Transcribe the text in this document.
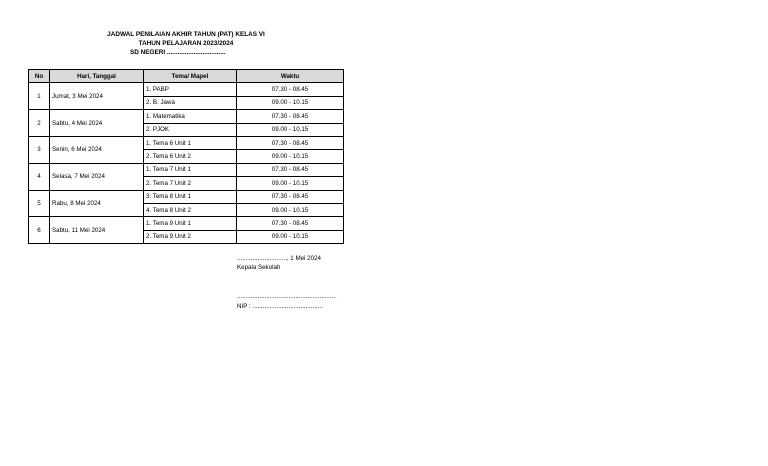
JADWAL PENILAIAN AKHIR TAHUN (PAT) KELAS VI
TAHUN PELAJARAN 2023/2024
SD NEGERI .................................
No	Hari, Tanggal	Tema/ Mapel	Waktu
1	Jumat, 3 Mei 2024	1. PABP	07.30 - 08.45
		2. B. Jawa	09.00 - 10.15
2	Sabtu, 4 Mei 2024	1. Matematika	07.30 - 08.45
		2. PJOK	09.00 - 10.15
3	Senin, 6 Mei 2024	1. Tema 6 Unit 1	07.30 - 08.45
		2. Tema 6 Unit 2	09.00 - 10.15
4	Selasa, 7 Mei 2024	1. Tema 7 Unit 1	07.30 - 08.45
		2. Tema 7 Unit 2	09.00 - 10.15
5	Rabu, 8 Mei 2024	3. Tema 8 Unit 1	07.30 - 08.45
		4. Tema 8 Unit 2	09.00 - 10.15
6	Sabtu, 11 Mei 2024	1. Tema 9 Unit 1	07.30 - 08.45
		2. Tema 9 Unit 2	09.00 - 10.15
............................., 1 Mei 2024
Kepala Sekolah
..........................................................
NIP : .........................................
